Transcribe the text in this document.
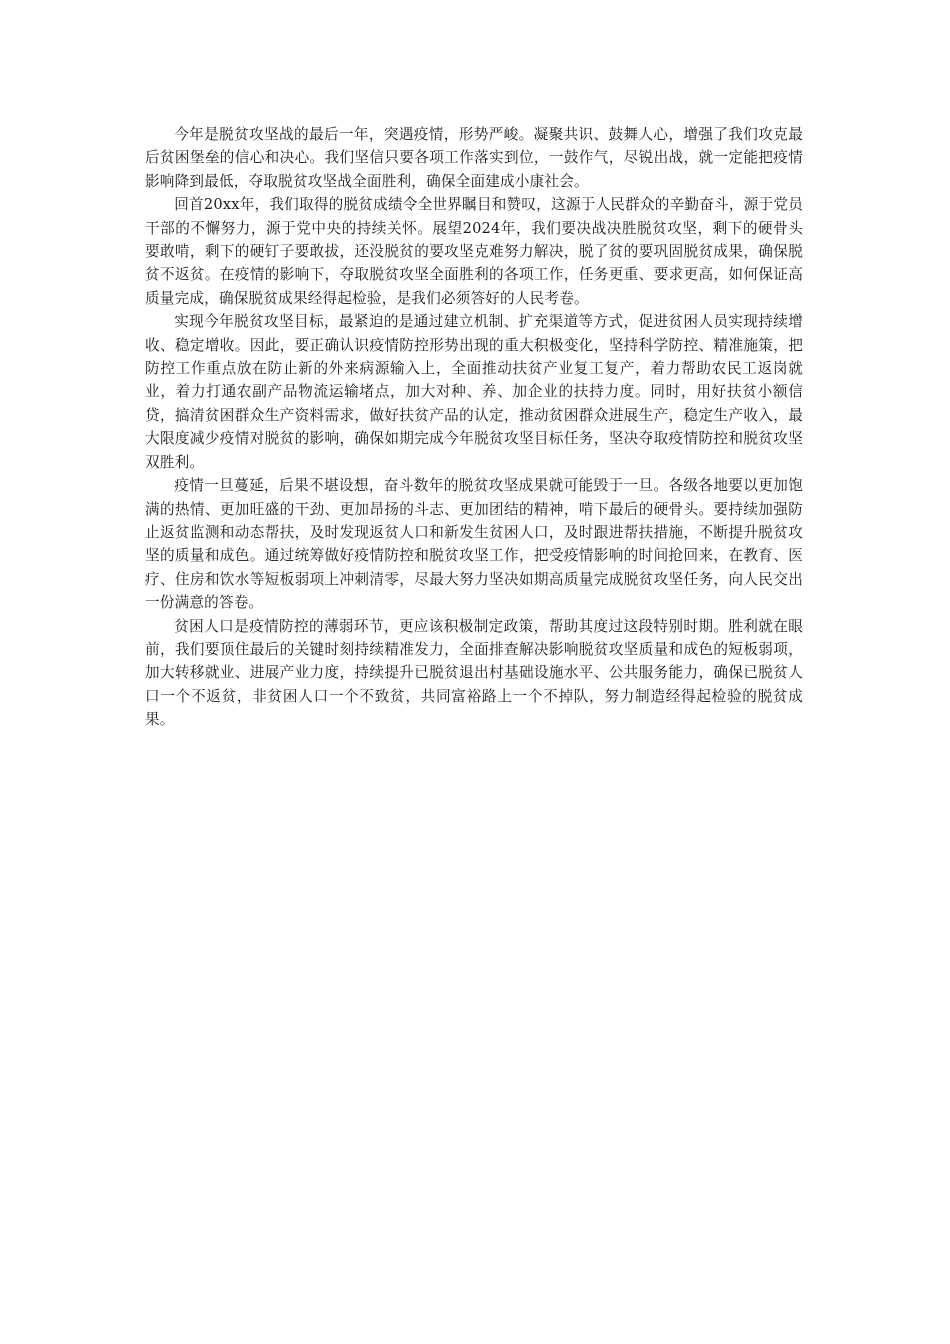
今年是脱贫攻坚战的最后一年，突遇疫情，形势严峻。凝聚共识、鼓舞人心，增强了我们攻克最后贫困堡垒的信心和决心。我们坚信只要各项工作落实到位，一鼓作气，尽锐出战，就一定能把疫情影响降到最低，夺取脱贫攻坚战全面胜利，确保全面建成小康社会。

回首20xx年，我们取得的脱贫成绩令全世界瞩目和赞叹，这源于人民群众的辛勤奋斗，源于党员干部的不懈努力，源于党中央的持续关怀。展望2024年，我们要决战决胜脱贫攻坚，剩下的硬骨头要敢啃，剩下的硬钉子要敢拔，还没脱贫的要攻坚克难努力解决，脱了贫的要巩固脱贫成果，确保脱贫不返贫。在疫情的影响下，夺取脱贫攻坚全面胜利的各项工作，任务更重、要求更高，如何保证高质量完成，确保脱贫成果经得起检验，是我们必须答好的人民考卷。

实现今年脱贫攻坚目标，最紧迫的是通过建立机制、扩充渠道等方式，促进贫困人员实现持续增收、稳定增收。因此，要正确认识疫情防控形势出现的重大积极变化，坚持科学防控、精准施策，把防控工作重点放在防止新的外来病源输入上，全面推动扶贫产业复工复产，着力帮助农民工返岗就业，着力打通农副产品物流运输堵点，加大对种、养、加企业的扶持力度。同时，用好扶贫小额信贷，搞清贫困群众生产资料需求，做好扶贫产品的认定，推动贫困群众进展生产，稳定生产收入，最大限度减少疫情对脱贫的影响，确保如期完成今年脱贫攻坚目标任务，坚决夺取疫情防控和脱贫攻坚双胜利。

疫情一旦蔓延，后果不堪设想，奋斗数年的脱贫攻坚成果就可能毁于一旦。各级各地要以更加饱满的热情、更加旺盛的干劲、更加昂扬的斗志、更加团结的精神，啃下最后的硬骨头。要持续加强防止返贫监测和动态帮扶，及时发现返贫人口和新发生贫困人口，及时跟进帮扶措施，不断提升脱贫攻坚的质量和成色。通过统筹做好疫情防控和脱贫攻坚工作，把受疫情影响的时间抢回来，在教育、医疗、住房和饮水等短板弱项上冲刺清零，尽最大努力坚决如期高质量完成脱贫攻坚任务，向人民交出一份满意的答卷。

贫困人口是疫情防控的薄弱环节，更应该积极制定政策，帮助其度过这段特别时期。胜利就在眼前，我们要顶住最后的关键时刻持续精准发力，全面排查解决影响脱贫攻坚质量和成色的短板弱项，加大转移就业、进展产业力度，持续提升已脱贫退出村基础设施水平、公共服务能力，确保已脱贫人口一个不返贫，非贫困人口一个不致贫，共同富裕路上一个不掉队，努力制造经得起检验的脱贫成果。
